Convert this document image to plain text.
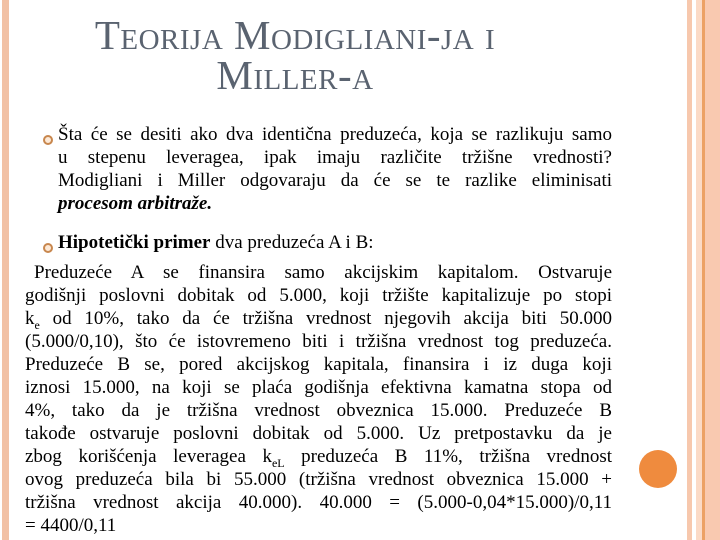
Teorija Modigliani-ja i
Miller-a
Šta će se desiti ako dva identična preduzeća, koja se razlikuju samo
u stepenu leveragea, ipak imaju različite tržišne vrednosti?
Modigliani i Miller odgovaraju da će se te razlike eliminisati
procesom arbitraže.
Hipotetički primer dva preduzeća A i B:
Preduzeće A se finansira samo akcijskim kapitalom. Ostvaruje
godišnji poslovni dobitak od 5.000, koji tržište kapitalizuje po stopi
$k_e$ od 10%, tako da će tržišna vrednost njegovih akcija biti 50.000
(5.000/0,10), što će istovremeno biti i tržišna vrednost tog preduzeća.
Preduzeće B se, pored akcijskog kapitala, finansira i iz duga koji
iznosi 15.000, na koji se plaća godišnja efektivna kamatna stopa od
4%, tako da je tržišna vrednost obveznica 15.000. Preduzeće B
takođe ostvaruje poslovni dobitak od 5.000. Uz pretpostavku da je
zbog korišćenja leveragea $k_{eL}$ preduzeća B 11%, tržišna vrednost
ovog preduzeća bila bi 55.000 (tržišna vrednost obveznica 15.000 +
tržišna vrednost akcija 40.000). 40.000 = (5.000-0,04*15.000)/0,11
= 4400/0,11
